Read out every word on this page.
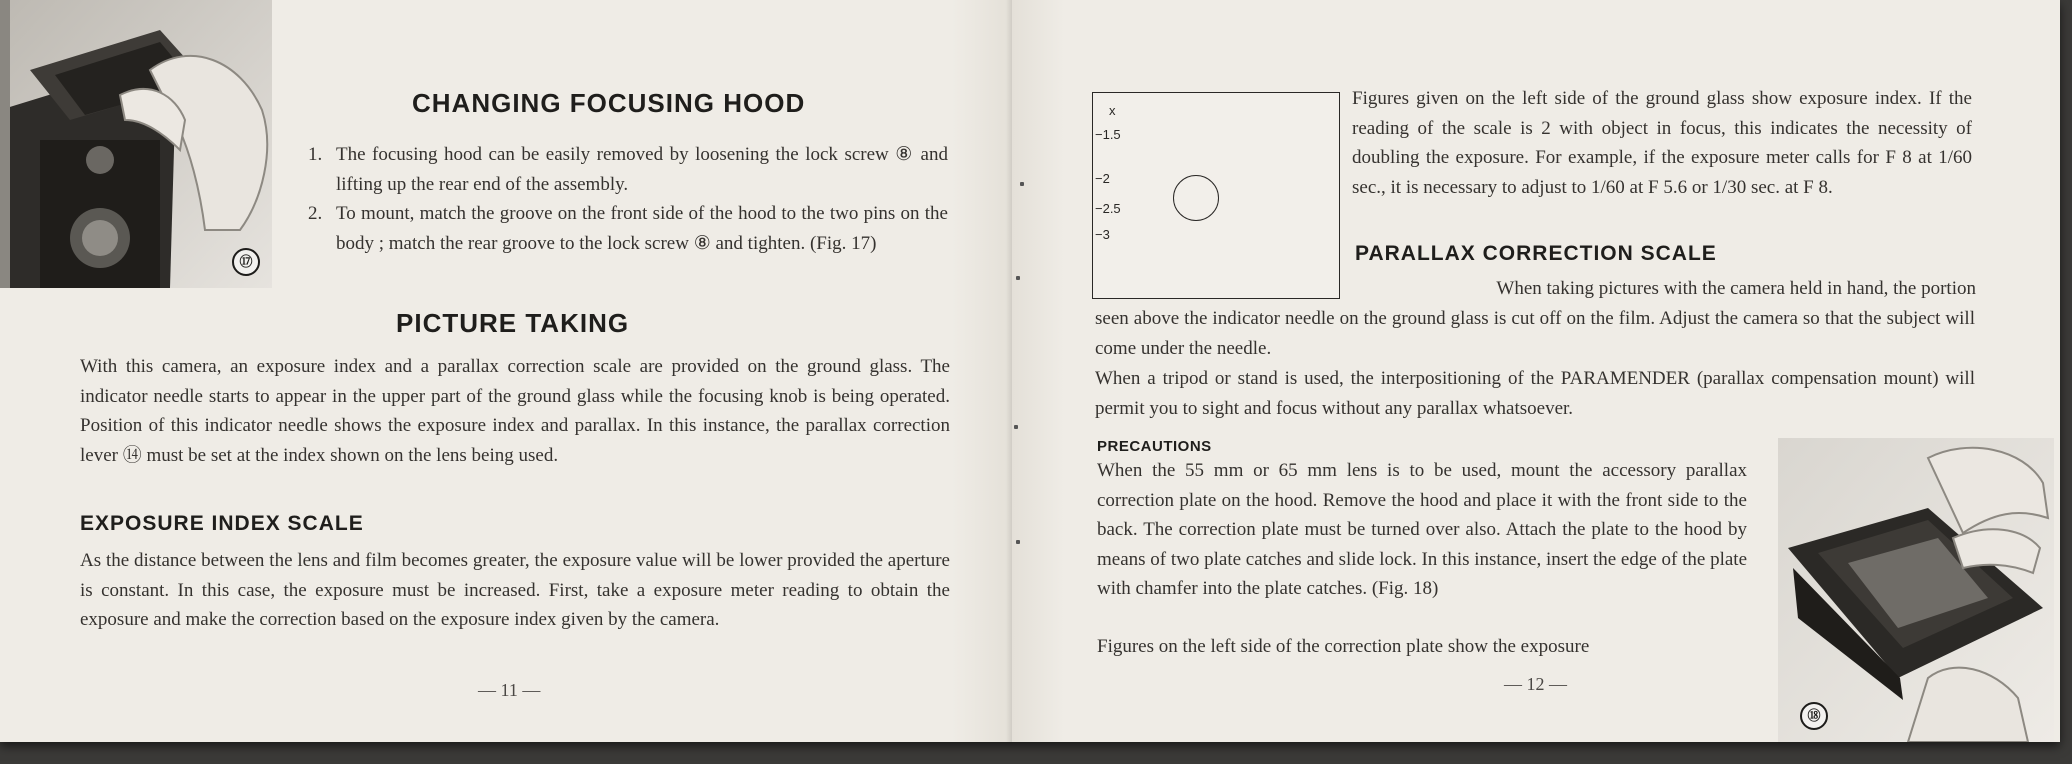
⑰
CHANGING FOCUSING HOOD
1. The focusing hood can be easily removed by loosening the lock screw ⑧ and lifting up the rear end of the assembly.
2. To mount, match the groove on the front side of the hood to the two pins on the body ; match the rear groove to the lock screw ⑧ and tighten. (Fig. 17)
PICTURE TAKING
With this camera, an exposure index and a parallax correction scale are provided on the ground glass. The indicator needle starts to appear in the upper part of the ground glass while the focusing knob is being operated. Position of this indicator needle shows the exposure index and parallax. In this instance, the parallax correction lever ⑭ must be set at the index shown on the lens being used.
EXPOSURE INDEX SCALE
As the distance between the lens and film becomes greater, the exposure value will be lower provided the aperture is constant. In this case, the exposure must be increased. First, take a exposure meter reading to obtain the exposure and make the correction based on the exposure index given by the camera.
— 11 —
x
−1.5
−2
−2.5
−3
Figures given on the left side of the ground glass show exposure index. If the reading of the scale is 2 with object in focus, this indicates the necessity of doubling the exposure. For example, if the exposure meter calls for F 8 at 1/60 sec., it is necessary to adjust to 1/60 at F 5.6 or 1/30 sec. at F 8.
PARALLAX CORRECTION SCALE
When taking pictures with the camera held in hand, the portion
seen above the indicator needle on the ground glass is cut off on the film. Adjust the camera so that the subject will come under the needle.
When a tripod or stand is used, the interpositioning of the PARAMENDER (parallax compensation mount) will permit you to sight and focus without any parallax whatsoever.
PRECAUTIONS
When the 55 mm or 65 mm lens is to be used, mount the accessory parallax correction plate on the hood. Remove the hood and place it with the front side to the back. The correction plate must be turned over also. Attach the plate to the hood by means of two plate catches and slide lock. In this instance, insert the edge of the plate with chamfer into the plate catches. (Fig. 18)
Figures on the left side of the correction plate show the exposure
— 12 —
⑱
